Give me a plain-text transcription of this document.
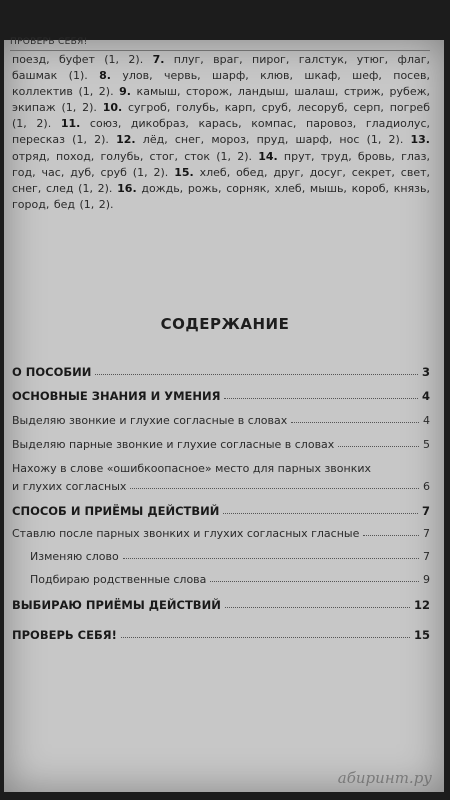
ПРОВЕРЬ СЕБЯ!
поезд, буфет (1, 2). 7. плуг, враг, пирог, галстук, утюг, флаг, башмак (1). 8. улов, червь, шарф, клюв, шкаф, шеф, посев, коллектив (1, 2). 9. камыш, сторож, ландыш, шалаш, стриж, рубеж, экипаж (1, 2). 10. сугроб, голубь, карп, сруб, лесоруб, серп, погреб (1, 2). 11. союз, дикобраз, карась, компас, паровоз, гладиолус, пересказ (1, 2). 12. лёд, снег, мороз, пруд, шарф, нос (1, 2). 13. отряд, поход, голубь, стог, сток (1, 2). 14. прут, труд, бровь, глаз, год, час, дуб, сруб (1, 2). 15. хлеб, обед, друг, досуг, секрет, свет, снег, след (1, 2). 16. дождь, рожь, сорняк, хлеб, мышь, короб, князь, город, бед (1, 2).
СОДЕРЖАНИЕ
О ПОСОБИИ	3
ОСНОВНЫЕ ЗНАНИЯ И УМЕНИЯ	4
Выделяю звонкие и глухие согласные в словах	4
Выделяю парные звонкие и глухие согласные в словах	5
Нахожу в слове «ошибкоопасное» место для парных звонких
и глухих согласных	6
СПОСОБ И ПРИЁМЫ ДЕЙСТВИЙ	7
Ставлю после парных звонких и глухих согласных гласные	7
Изменяю слово	7
Подбираю родственные слова	9
ВЫБИРАЮ ПРИЁМЫ ДЕЙСТВИЙ	12
ПРОВЕРЬ СЕБЯ!	15
абиринт.ру
